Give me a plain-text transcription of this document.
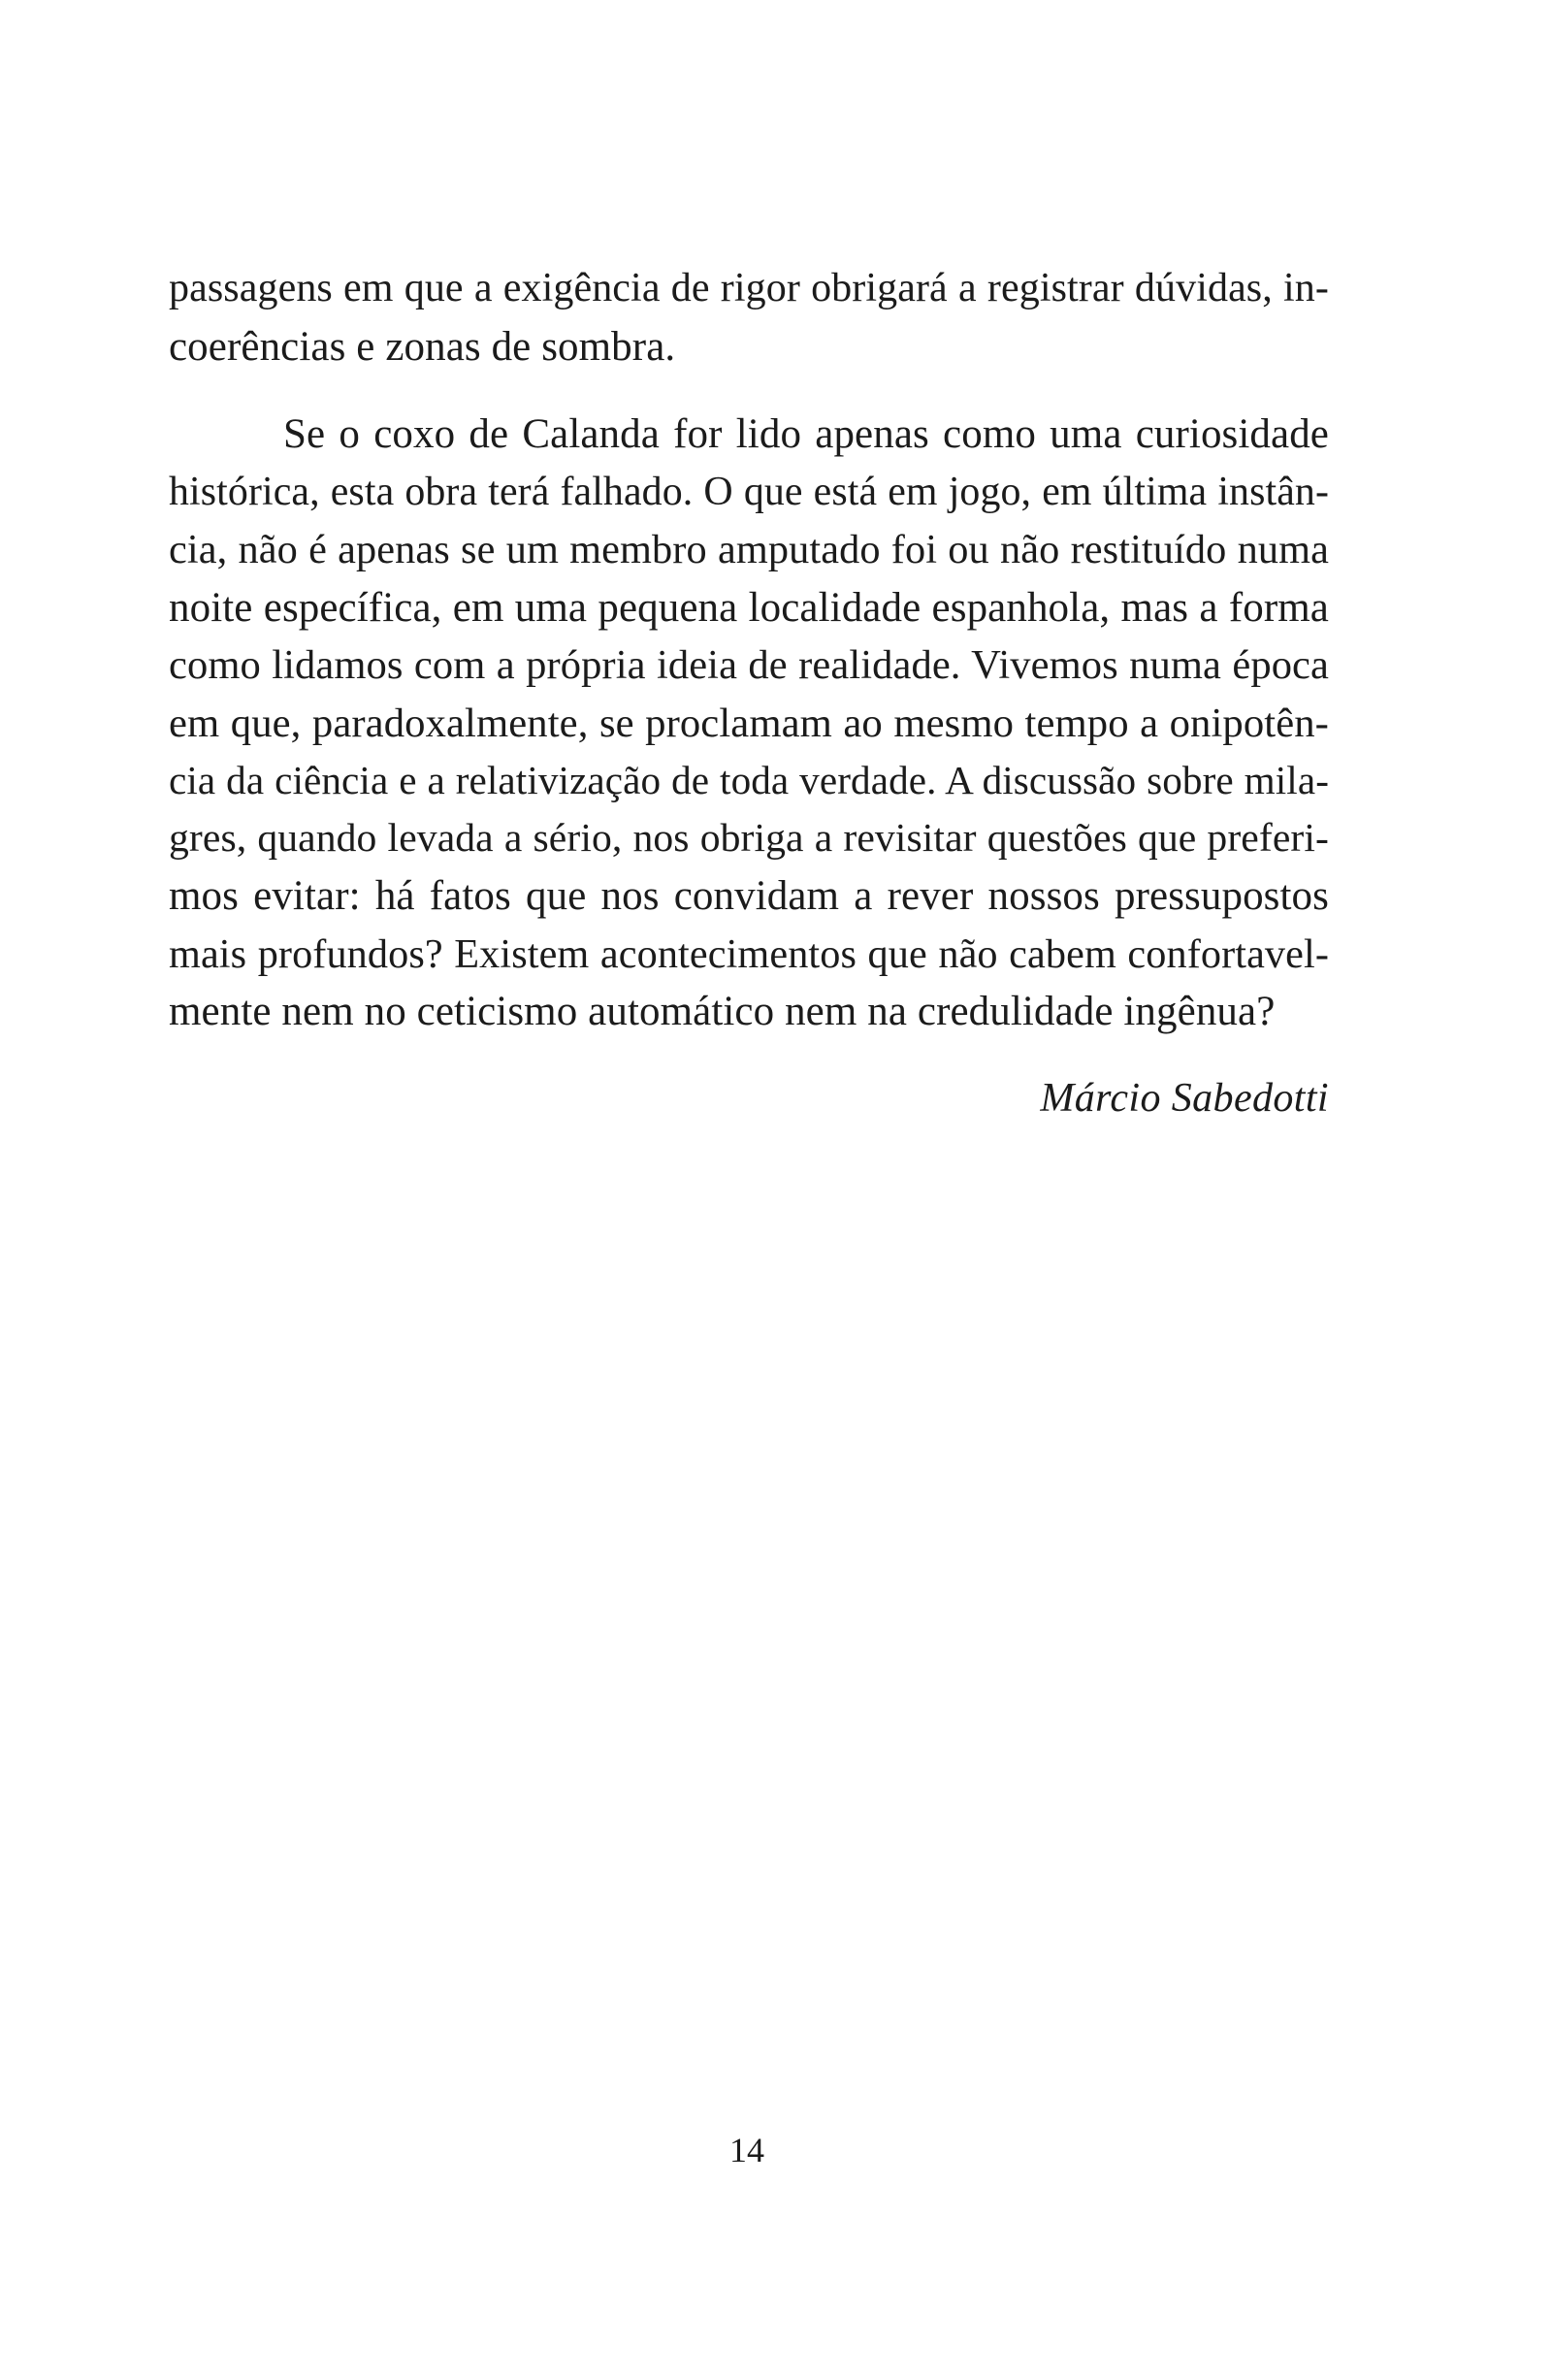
passagens em que a exigência de rigor obrigará a registrar dúvidas, in-
coerências e zonas de sombra.
Se o coxo de Calanda for lido apenas como uma curiosidade
histórica, esta obra terá falhado. O que está em jogo, em última instân-
cia, não é apenas se um membro amputado foi ou não restituído numa
noite específica, em uma pequena localidade espanhola, mas a forma
como lidamos com a própria ideia de realidade. Vivemos numa época
em que, paradoxalmente, se proclamam ao mesmo tempo a onipotên-
cia da ciência e a relativização de toda verdade. A discussão sobre mila-
gres, quando levada a sério, nos obriga a revisitar questões que preferi-
mos evitar: há fatos que nos convidam a rever nossos pressupostos
mais profundos? Existem acontecimentos que não cabem confortavel-
mente nem no ceticismo automático nem na credulidade ingênua?
Márcio Sabedotti
14
